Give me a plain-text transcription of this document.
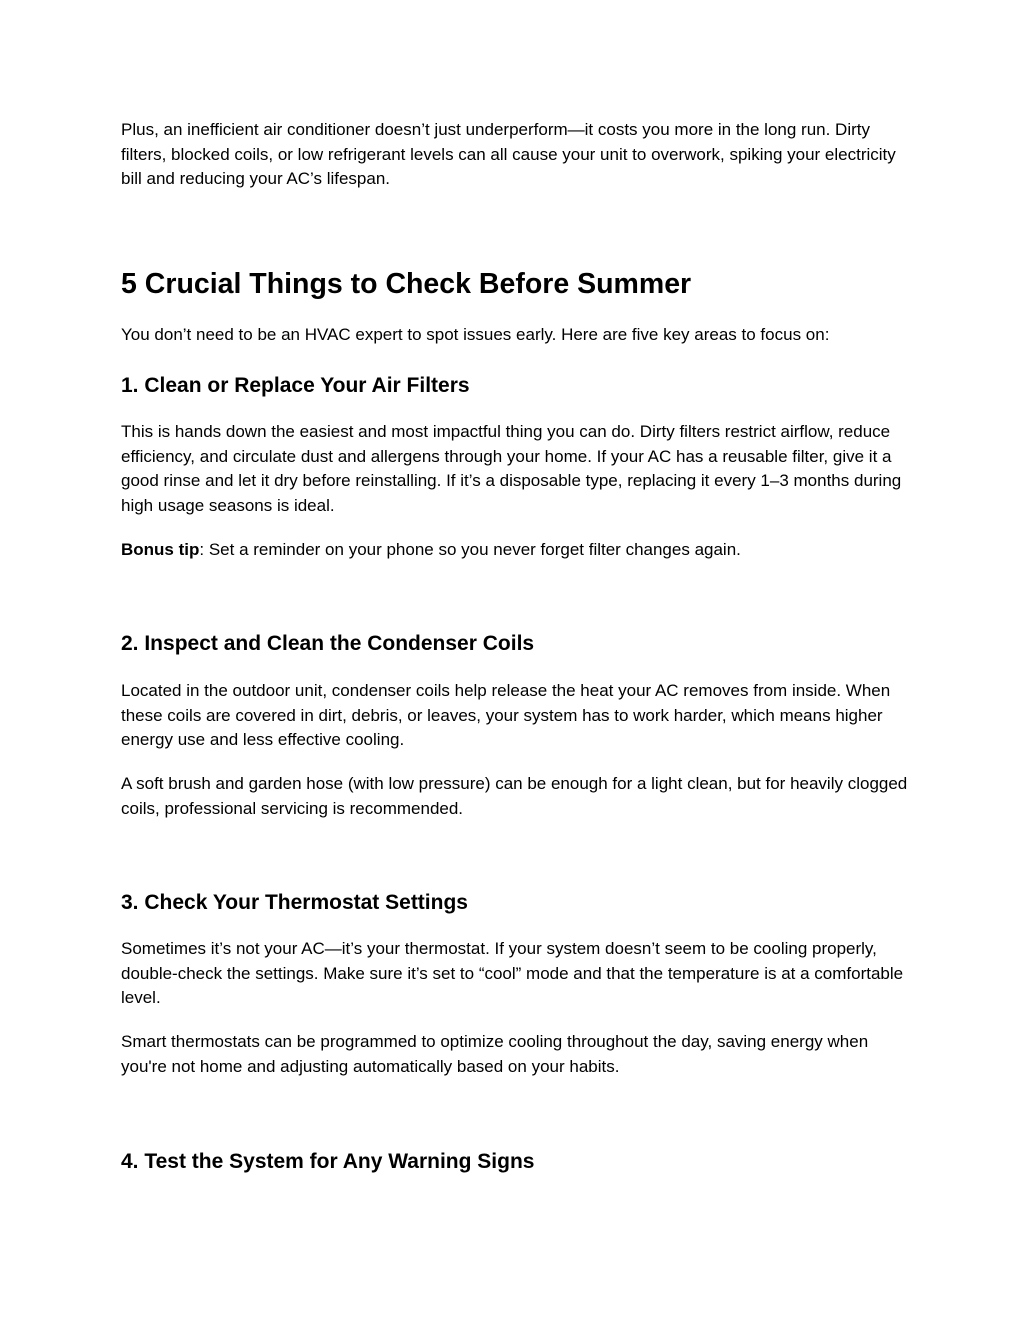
Plus, an inefficient air conditioner doesn’t just underperform—it costs you more in the long run. Dirty filters, blocked coils, or low refrigerant levels can all cause your unit to overwork, spiking your electricity bill and reducing your AC’s lifespan.

5 Crucial Things to Check Before Summer

You don’t need to be an HVAC expert to spot issues early. Here are five key areas to focus on:

1. Clean or Replace Your Air Filters

This is hands down the easiest and most impactful thing you can do. Dirty filters restrict airflow, reduce efficiency, and circulate dust and allergens through your home. If your AC has a reusable filter, give it a good rinse and let it dry before reinstalling. If it’s a disposable type, replacing it every 1–3 months during high usage seasons is ideal.

Bonus tip: Set a reminder on your phone so you never forget filter changes again.

2. Inspect and Clean the Condenser Coils

Located in the outdoor unit, condenser coils help release the heat your AC removes from inside. When these coils are covered in dirt, debris, or leaves, your system has to work harder, which means higher energy use and less effective cooling.

A soft brush and garden hose (with low pressure) can be enough for a light clean, but for heavily clogged coils, professional servicing is recommended.

3. Check Your Thermostat Settings

Sometimes it’s not your AC—it’s your thermostat. If your system doesn’t seem to be cooling properly, double-check the settings. Make sure it’s set to “cool” mode and that the temperature is at a comfortable level.

Smart thermostats can be programmed to optimize cooling throughout the day, saving energy when you're not home and adjusting automatically based on your habits.

4. Test the System for Any Warning Signs
